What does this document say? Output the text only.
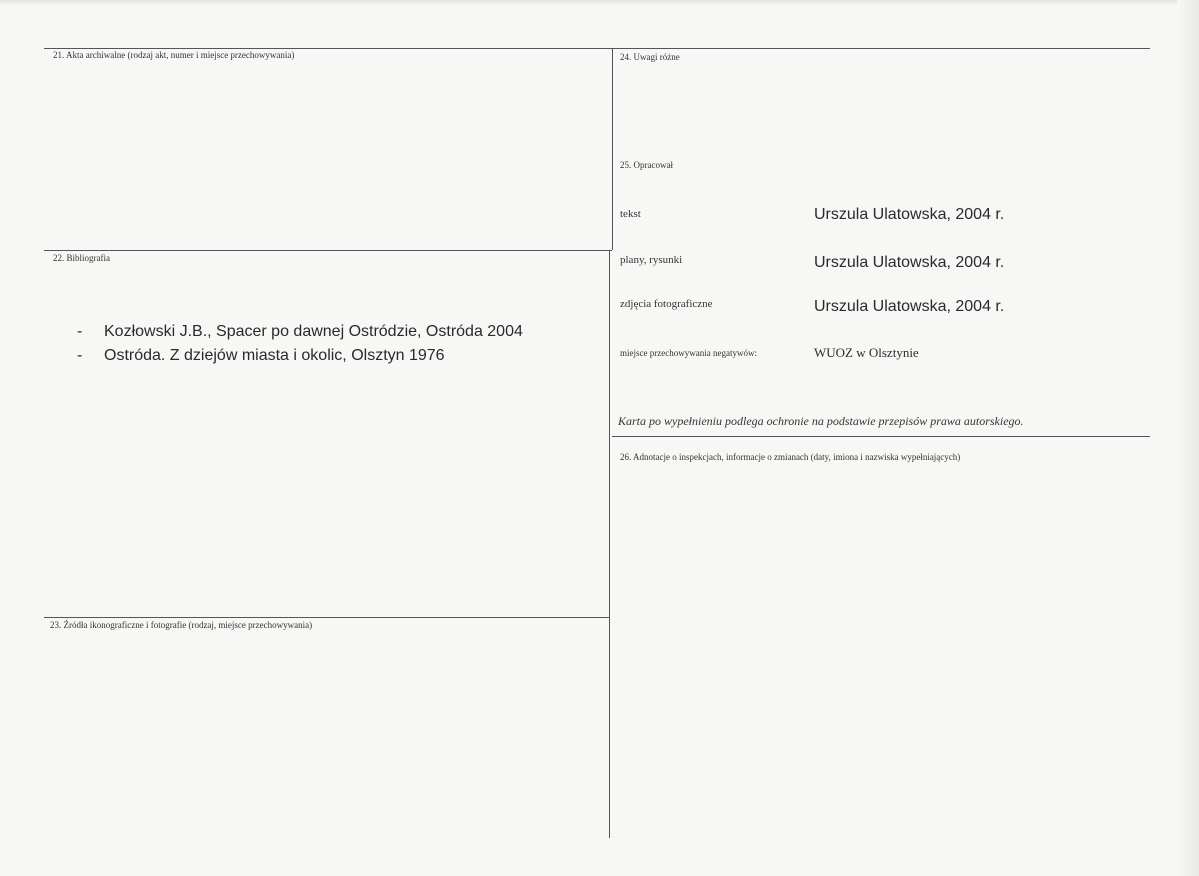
21. Akta archiwalne (rodzaj akt, numer i miejsce przechowywania)
22. Bibliografia
- Kozłowski J.B., Spacer po dawnej Ostródzie, Ostróda 2004
- Ostróda. Z dziejów miasta i okolic, Olsztyn 1976
23. Źródła ikonograficzne i fotografie (rodzaj, miejsce przechowywania)
24. Uwagi różne
25. Opracował
tekst	Urszula Ulatowska, 2004 r.
plany, rysunki	Urszula Ulatowska, 2004 r.
zdjęcia fotograficzne	Urszula Ulatowska, 2004 r.
miejsce przechowywania negatywów:	WUOZ w Olsztynie
Karta po wypełnieniu podlega ochronie na podstawie przepisów prawa autorskiego.
26. Adnotacje o inspekcjach, informacje o zmianach (daty, imiona i nazwiska wypełniających)
